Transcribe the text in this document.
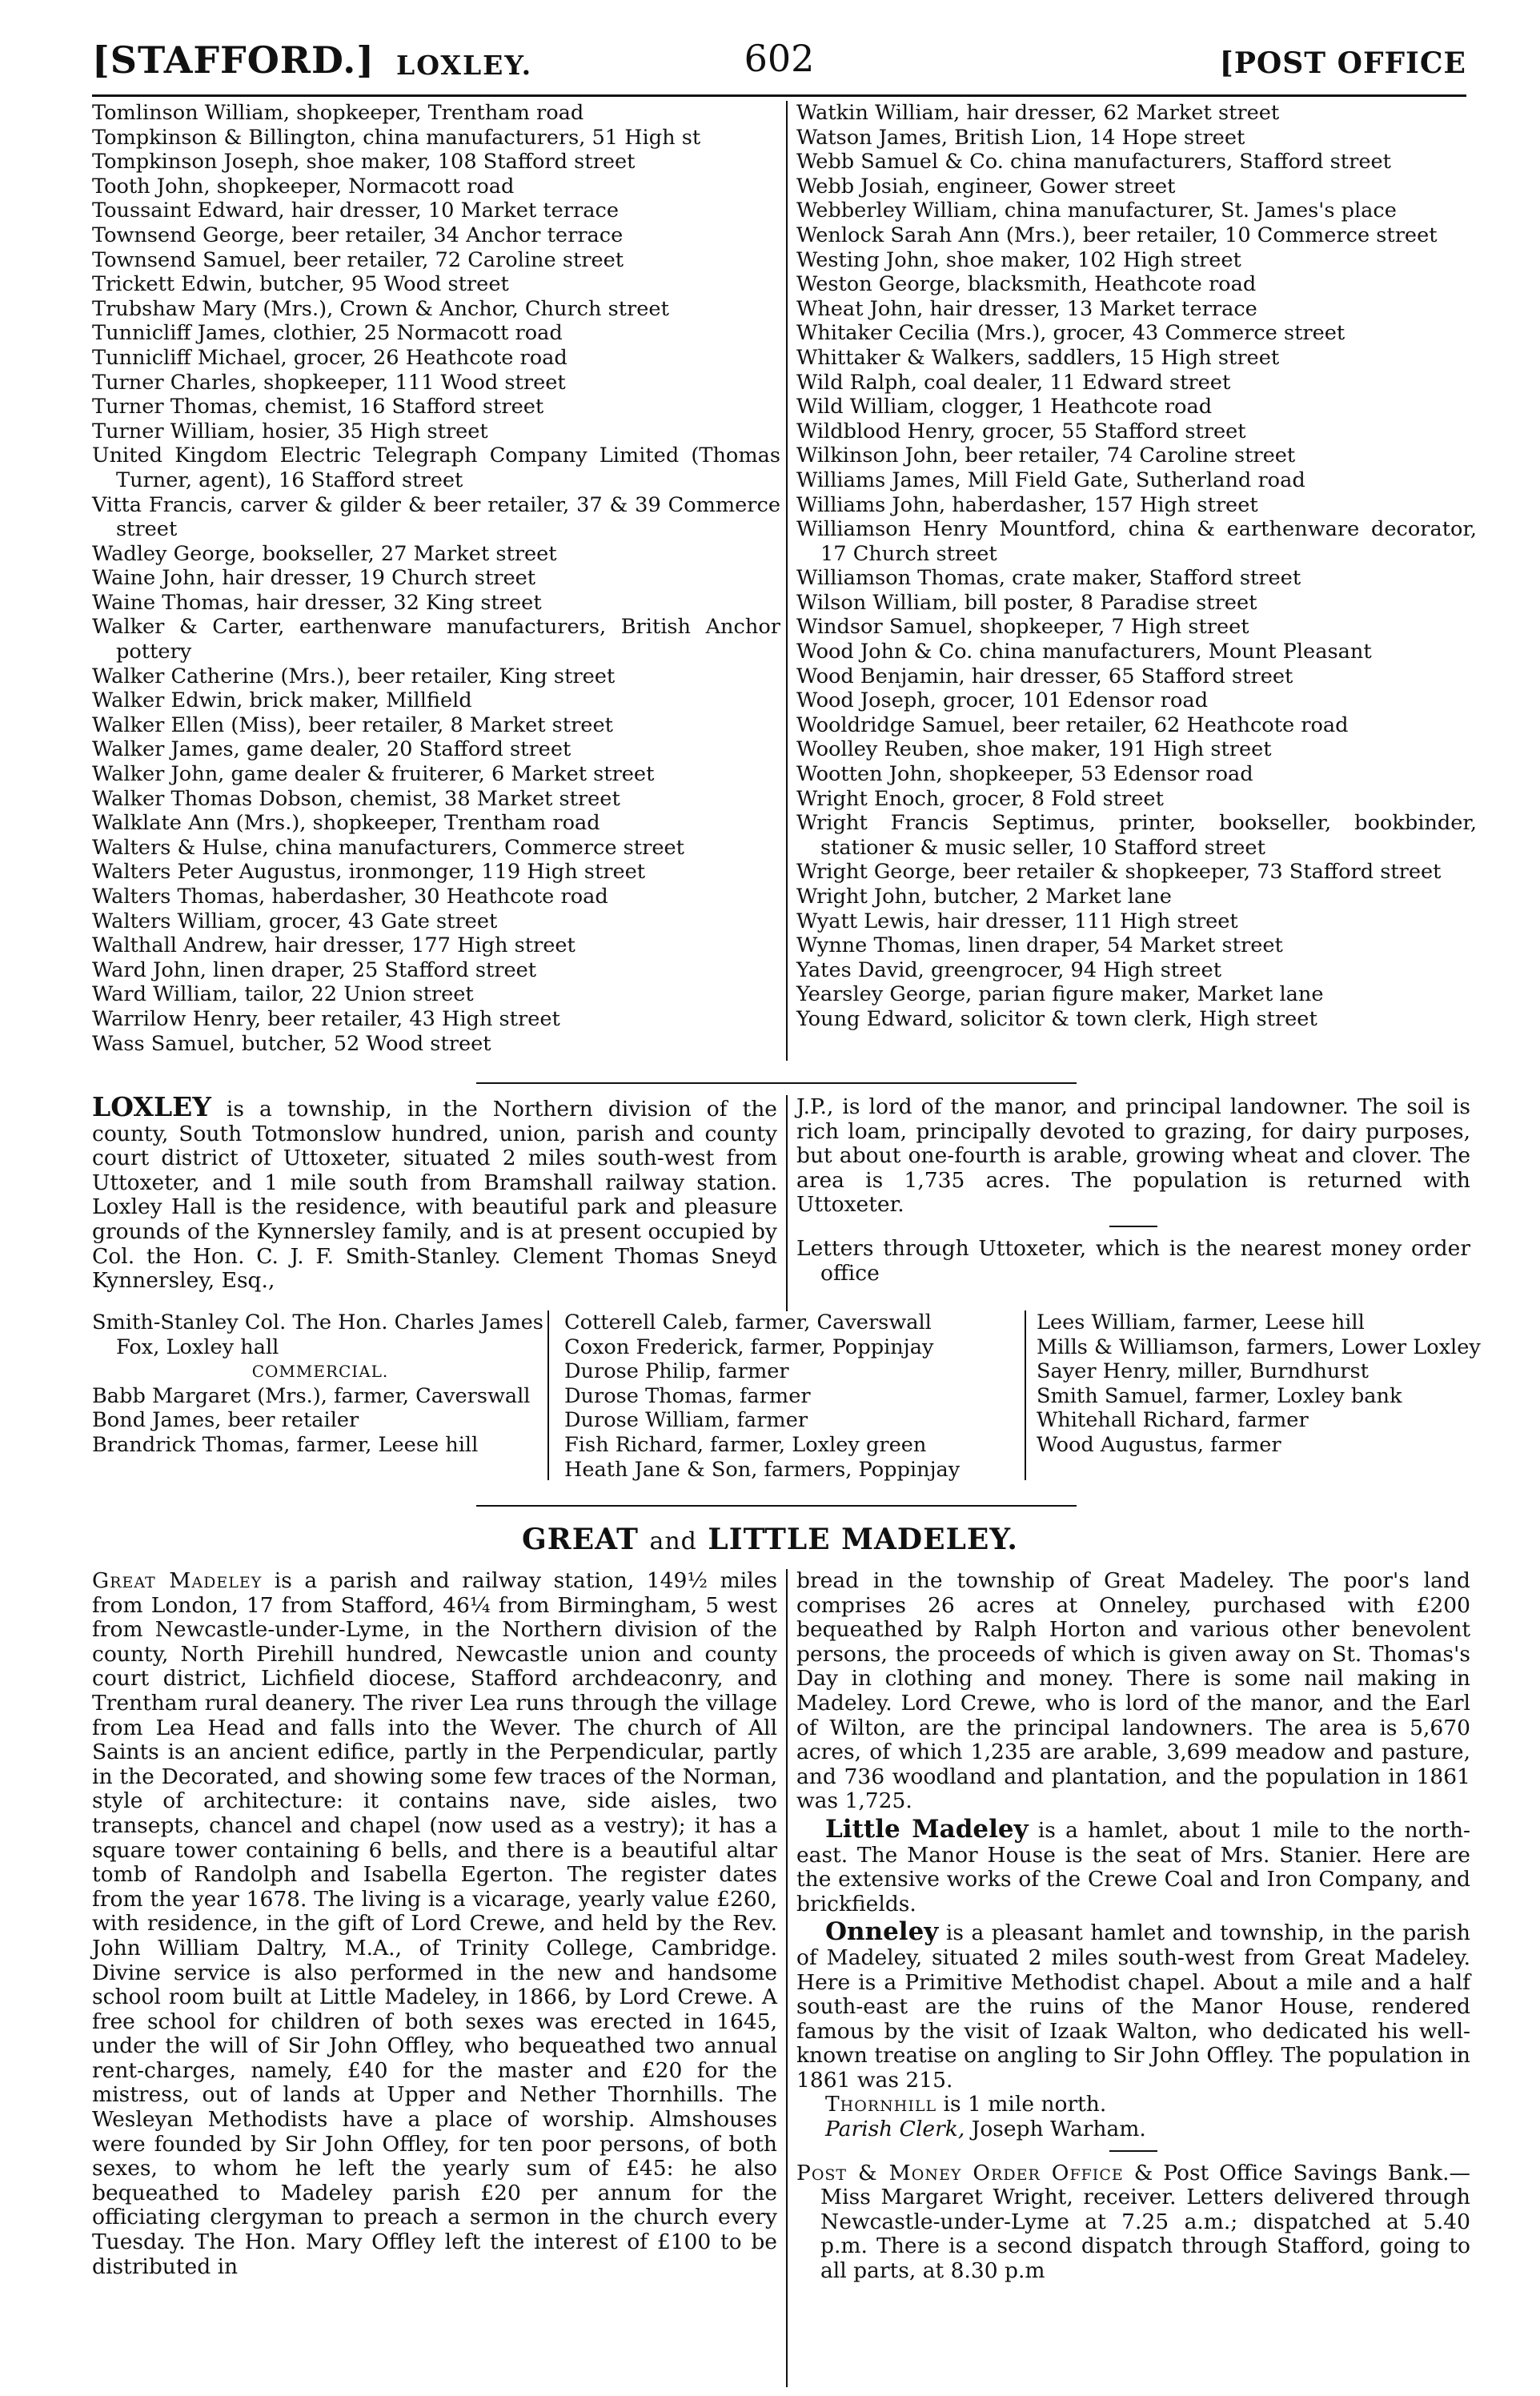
[STAFFORD.] LOXLEY.	602	[POST OFFICE
Tomlinson William, shopkeeper, Trentham road
Tompkinson & Billington, china manufacturers, 51 High st
Tompkinson Joseph, shoe maker, 108 Stafford street
Tooth John, shopkeeper, Normacott road
Toussaint Edward, hair dresser, 10 Market terrace
Townsend George, beer retailer, 34 Anchor terrace
Townsend Samuel, beer retailer, 72 Caroline street
Trickett Edwin, butcher, 95 Wood street
Trubshaw Mary (Mrs.), Crown & Anchor, Church street
Tunnicliff James, clothier, 25 Normacott road
Tunnicliff Michael, grocer, 26 Heathcote road
Turner Charles, shopkeeper, 111 Wood street
Turner Thomas, chemist, 16 Stafford street
Turner William, hosier, 35 High street
United Kingdom Electric Telegraph Company Limited (Thomas Turner, agent), 16 Stafford street
Vitta Francis, carver & gilder & beer retailer, 37 & 39 Commerce street
Wadley George, bookseller, 27 Market street
Waine John, hair dresser, 19 Church street
Waine Thomas, hair dresser, 32 King street
Walker & Carter, earthenware manufacturers, British Anchor pottery
Walker Catherine (Mrs.), beer retailer, King street
Walker Edwin, brick maker, Millfield
Walker Ellen (Miss), beer retailer, 8 Market street
Walker James, game dealer, 20 Stafford street
Walker John, game dealer & fruiterer, 6 Market street
Walker Thomas Dobson, chemist, 38 Market street
Walklate Ann (Mrs.), shopkeeper, Trentham road
Walters & Hulse, china manufacturers, Commerce street
Walters Peter Augustus, ironmonger, 119 High street
Walters Thomas, haberdasher, 30 Heathcote road
Walters William, grocer, 43 Gate street
Walthall Andrew, hair dresser, 177 High street
Ward John, linen draper, 25 Stafford street
Ward William, tailor, 22 Union street
Warrilow Henry, beer retailer, 43 High street
Wass Samuel, butcher, 52 Wood street
Watkin William, hair dresser, 62 Market street
Watson James, British Lion, 14 Hope street
Webb Samuel & Co. china manufacturers, Stafford street
Webb Josiah, engineer, Gower street
Webberley William, china manufacturer, St. James's place
Wenlock Sarah Ann (Mrs.), beer retailer, 10 Commerce street
Westing John, shoe maker, 102 High street
Weston George, blacksmith, Heathcote road
Wheat John, hair dresser, 13 Market terrace
Whitaker Cecilia (Mrs.), grocer, 43 Commerce street
Whittaker & Walkers, saddlers, 15 High street
Wild Ralph, coal dealer, 11 Edward street
Wild William, clogger, 1 Heathcote road
Wildblood Henry, grocer, 55 Stafford street
Wilkinson John, beer retailer, 74 Caroline street
Williams James, Mill Field Gate, Sutherland road
Williams John, haberdasher, 157 High street
Williamson Henry Mountford, china & earthenware decorator, 17 Church street
Williamson Thomas, crate maker, Stafford street
Wilson William, bill poster, 8 Paradise street
Windsor Samuel, shopkeeper, 7 High street
Wood John & Co. china manufacturers, Mount Pleasant
Wood Benjamin, hair dresser, 65 Stafford street
Wood Joseph, grocer, 101 Edensor road
Wooldridge Samuel, beer retailer, 62 Heathcote road
Woolley Reuben, shoe maker, 191 High street
Wootten John, shopkeeper, 53 Edensor road
Wright Enoch, grocer, 8 Fold street
Wright Francis Septimus, printer, bookseller, bookbinder, stationer & music seller, 10 Stafford street
Wright George, beer retailer & shopkeeper, 73 Stafford street
Wright John, butcher, 2 Market lane
Wyatt Lewis, hair dresser, 111 High street
Wynne Thomas, linen draper, 54 Market street
Yates David, greengrocer, 94 High street
Yearsley George, parian figure maker, Market lane
Young Edward, solicitor & town clerk, High street
LOXLEY is a township, in the Northern division of the county, South Totmonslow hundred, union, parish and county court district of Uttoxeter, situated 2 miles south-west from Uttoxeter, and 1 mile south from Bramshall railway station. Loxley Hall is the residence, with beautiful park and pleasure grounds of the Kynnersley family, and is at present occupied by Col. the Hon. C. J. F. Smith-Stanley. Clement Thomas Sneyd Kynnersley, Esq.,
J.P., is lord of the manor, and principal landowner. The soil is rich loam, principally devoted to grazing, for dairy purposes, but about one-fourth is arable, growing wheat and clover. The area is 1,735 acres. The population is returned with Uttoxeter.
Letters through Uttoxeter, which is the nearest money order office
Smith-Stanley Col. The Hon. Charles James Fox, Loxley hall
COMMERCIAL.
Babb Margaret (Mrs.), farmer, Caverswall
Bond James, beer retailer
Brandrick Thomas, farmer, Leese hill
Cotterell Caleb, farmer, Caverswall
Coxon Frederick, farmer, Poppinjay
Durose Philip, farmer
Durose Thomas, farmer
Durose William, farmer
Fish Richard, farmer, Loxley green
Heath Jane & Son, farmers, Poppinjay
Lees William, farmer, Leese hill
Mills & Williamson, farmers, Lower Loxley
Sayer Henry, miller, Burndhurst
Smith Samuel, farmer, Loxley bank
Whitehall Richard, farmer
Wood Augustus, farmer
GREAT and LITTLE MADELEY.
Great Madeley is a parish and railway station, 149½ miles from London, 17 from Stafford, 46¼ from Birmingham, 5 west from Newcastle-under-Lyme, in the Northern division of the county, North Pirehill hundred, Newcastle union and county court district, Lichfield diocese, Stafford archdeaconry, and Trentham rural deanery. The river Lea runs through the village from Lea Head and falls into the Wever. The church of All Saints is an ancient edifice, partly in the Perpendicular, partly in the Decorated, and showing some few traces of the Norman, style of architecture: it contains nave, side aisles, two transepts, chancel and chapel (now used as a vestry); it has a square tower containing 6 bells, and there is a beautiful altar tomb of Randolph and Isabella Egerton. The register dates from the year 1678. The living is a vicarage, yearly value £260, with residence, in the gift of Lord Crewe, and held by the Rev. John William Daltry, M.A., of Trinity College, Cambridge. Divine service is also performed in the new and handsome school room built at Little Madeley, in 1866, by Lord Crewe. A free school for children of both sexes was erected in 1645, under the will of Sir John Offley, who bequeathed two annual rent-charges, namely, £40 for the master and £20 for the mistress, out of lands at Upper and Nether Thornhills. The Wesleyan Methodists have a place of worship. Almshouses were founded by Sir John Offley, for ten poor persons, of both sexes, to whom he left the yearly sum of £45: he also bequeathed to Madeley parish £20 per annum for the officiating clergyman to preach a sermon in the church every Tuesday. The Hon. Mary Offley left the interest of £100 to be distributed in
bread in the township of Great Madeley. The poor's land comprises 26 acres at Onneley, purchased with £200 bequeathed by Ralph Horton and various other benevolent persons, the proceeds of which is given away on St. Thomas's Day in clothing and money. There is some nail making in Madeley. Lord Crewe, who is lord of the manor, and the Earl of Wilton, are the principal landowners. The area is 5,670 acres, of which 1,235 are arable, 3,699 meadow and pasture, and 736 woodland and plantation, and the population in 1861 was 1,725.
Little Madeley is a hamlet, about 1 mile to the north-east. The Manor House is the seat of Mrs. Stanier. Here are the extensive works of the Crewe Coal and Iron Company, and brickfields.
Onneley is a pleasant hamlet and township, in the parish of Madeley, situated 2 miles south-west from Great Madeley. Here is a Primitive Methodist chapel. About a mile and a half south-east are the ruins of the Manor House, rendered famous by the visit of Izaak Walton, who dedicated his well-known treatise on angling to Sir John Offley. The population in 1861 was 215.
Thornhill is 1 mile north.
Parish Clerk, Joseph Warham.
Post & Money Order Office & Post Office Savings Bank.—Miss Margaret Wright, receiver. Letters delivered through Newcastle-under-Lyme at 7.25 a.m.; dispatched at 5.40 p.m. There is a second dispatch through Stafford, going to all parts, at 8.30 p.m
